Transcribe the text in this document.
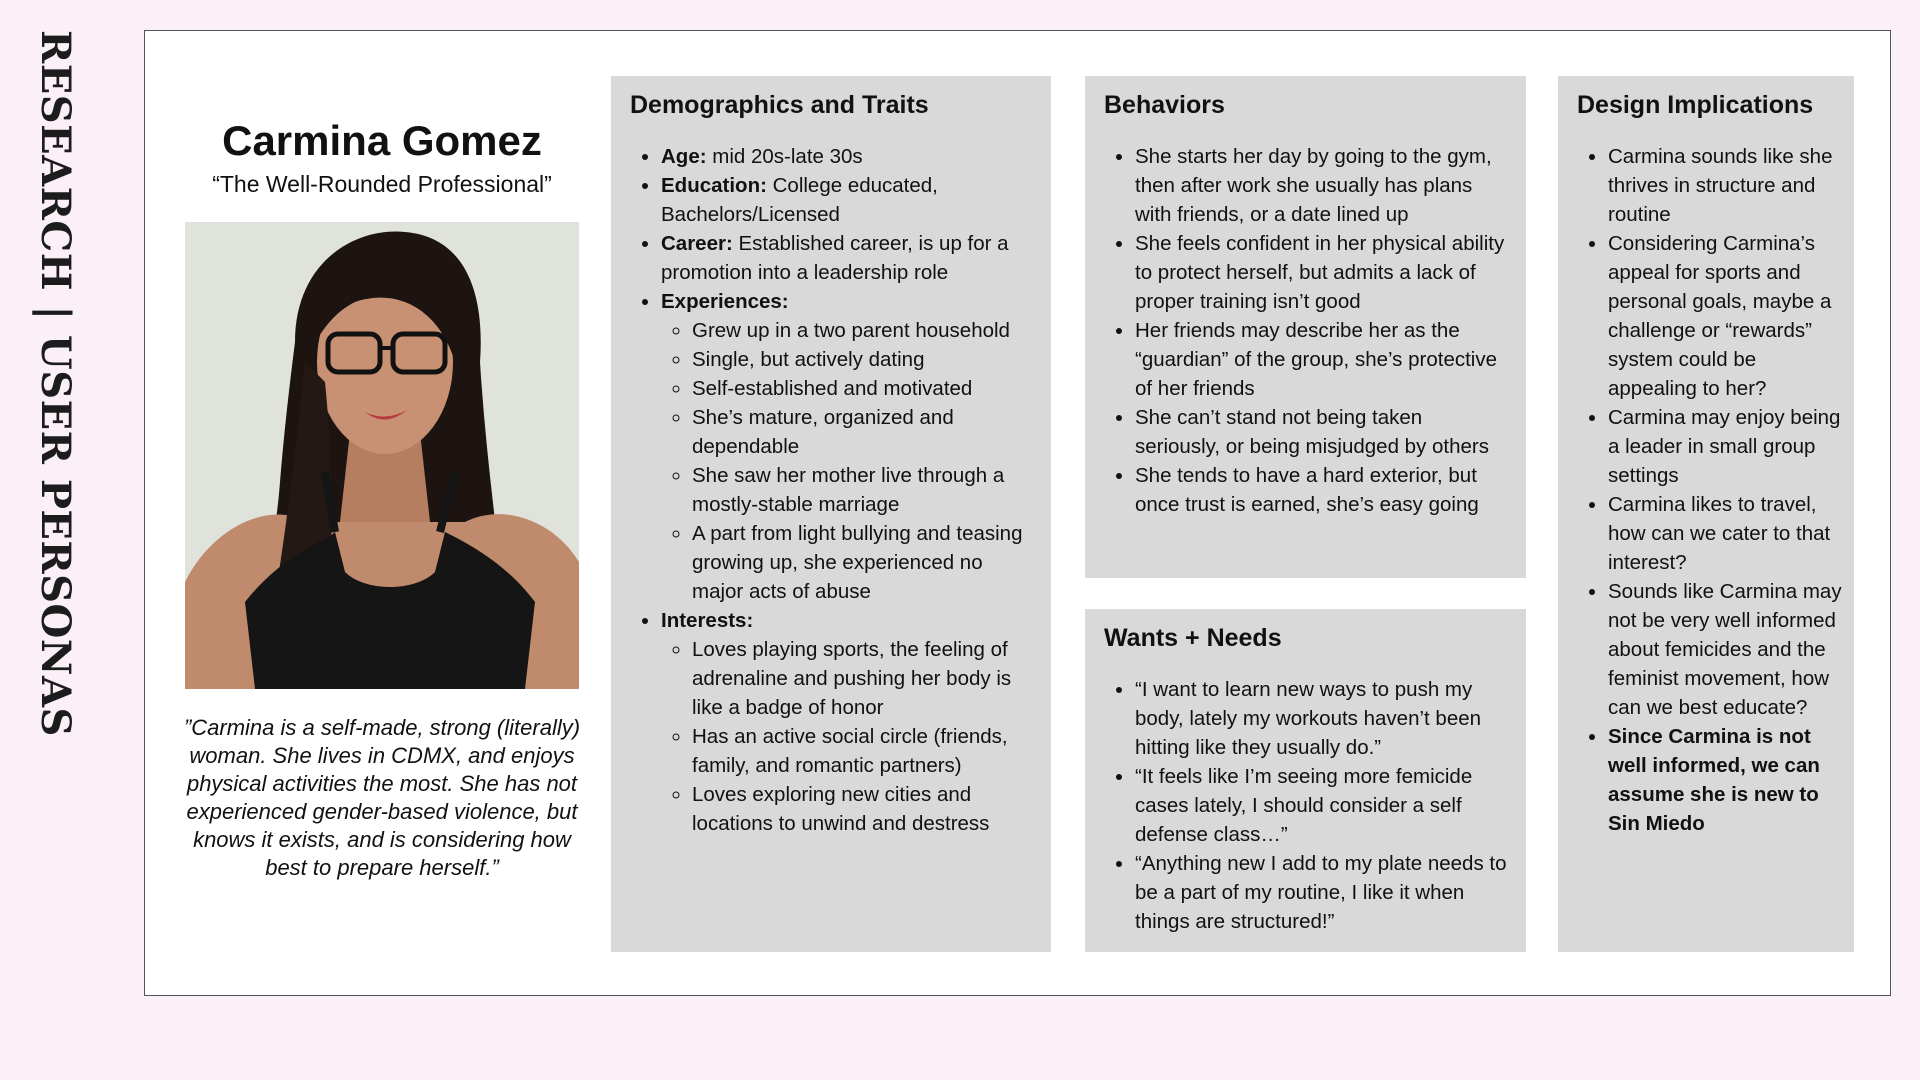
RESEARCH | USER PERSONAS	Carmina Gomez

“The Well-Rounded Professional”

”Carmina is a self-made, strong (literally) woman. She lives in CDMX, and enjoys physical activities the most. She has not experienced gender-based violence, but knows it exists, and is considering how best to prepare herself.”

Demographics and Traits
• Age: mid 20s-late 30s
• Education: College educated, Bachelors/Licensed
• Career: Established career, is up for a promotion into a leadership role
• Experiences:
◦ Grew up in a two parent household
◦ Single, but actively dating
◦ Self-established and motivated
◦ She’s mature, organized and dependable
◦ She saw her mother live through a mostly-stable marriage
◦ A part from light bullying and teasing growing up, she experienced no major acts of abuse
• Interests:
◦ Loves playing sports, the feeling of adrenaline and pushing her body is like a badge of honor
◦ Has an active social circle (friends, family, and romantic partners)
◦ Loves exploring new cities and locations to unwind and destress
Behaviors
• She starts her day by going to the gym, then after work she usually has plans with friends, or a date lined up
• She feels confident in her physical ability to protect herself, but admits a lack of proper training isn’t good
• Her friends may describe her as the “guardian” of the group, she’s protective of her friends
• She can’t stand not being taken seriously, or being misjudged by others
• She tends to have a hard exterior, but once trust is earned, she’s easy going
Wants + Needs
• “I want to learn new ways to push my body, lately my workouts haven’t been hitting like they usually do.”
• “It feels like I’m seeing more femicide cases lately, I should consider a self defense class…”
• “Anything new I add to my plate needs to be a part of my routine, I like it when things are structured!”
Design Implications
• Carmina sounds like she thrives in structure and routine
• Considering Carmina’s appeal for sports and personal goals, maybe a challenge or “rewards” system could be appealing to her?
• Carmina may enjoy being a leader in small group settings
• Carmina likes to travel, how can we cater to that interest?
• Sounds like Carmina may not be very well informed about femicides and the feminist movement, how can we best educate?
• Since Carmina is not well informed, we can assume she is new to Sin Miedo
